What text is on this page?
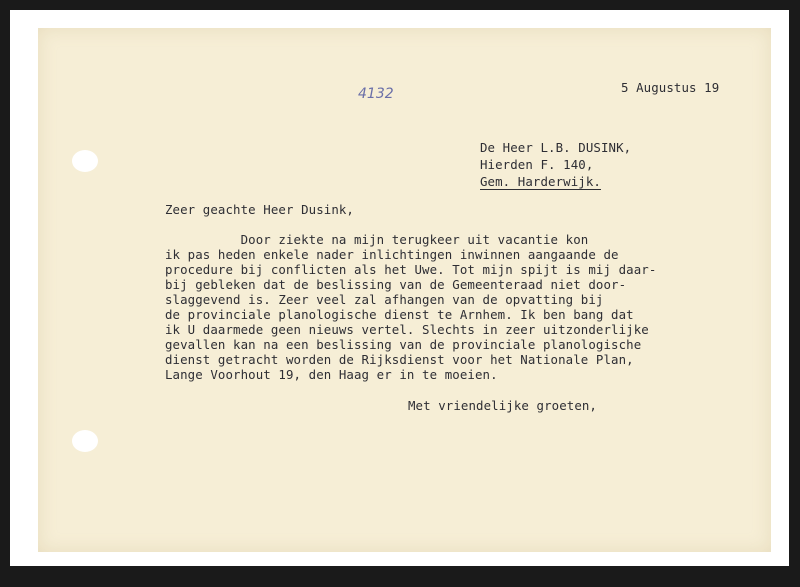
4132	5 Augustus 19
De Heer L.B. DUSINK,
Hierden F. 140,
Gem. Harderwijk.
Zeer geachte Heer Dusink,
Door ziekte na mijn terugkeer uit vacantie kon
ik pas heden enkele nader inlichtingen inwinnen aangaande de
procedure bij conflicten als het Uwe. Tot mijn spijt is mij daar-
bij gebleken dat de beslissing van de Gemeenteraad niet door-
slaggevend is. Zeer veel zal afhangen van de opvatting bij
de provinciale planologische dienst te Arnhem. Ik ben bang dat
ik U daarmede geen nieuws vertel. Slechts in zeer uitzonderlijke
gevallen kan na een beslissing van de provinciale planologische
dienst getracht worden de Rijksdienst voor het Nationale Plan,
Lange Voorhout 19, den Haag er in te moeien.
Met vriendelijke groeten,
